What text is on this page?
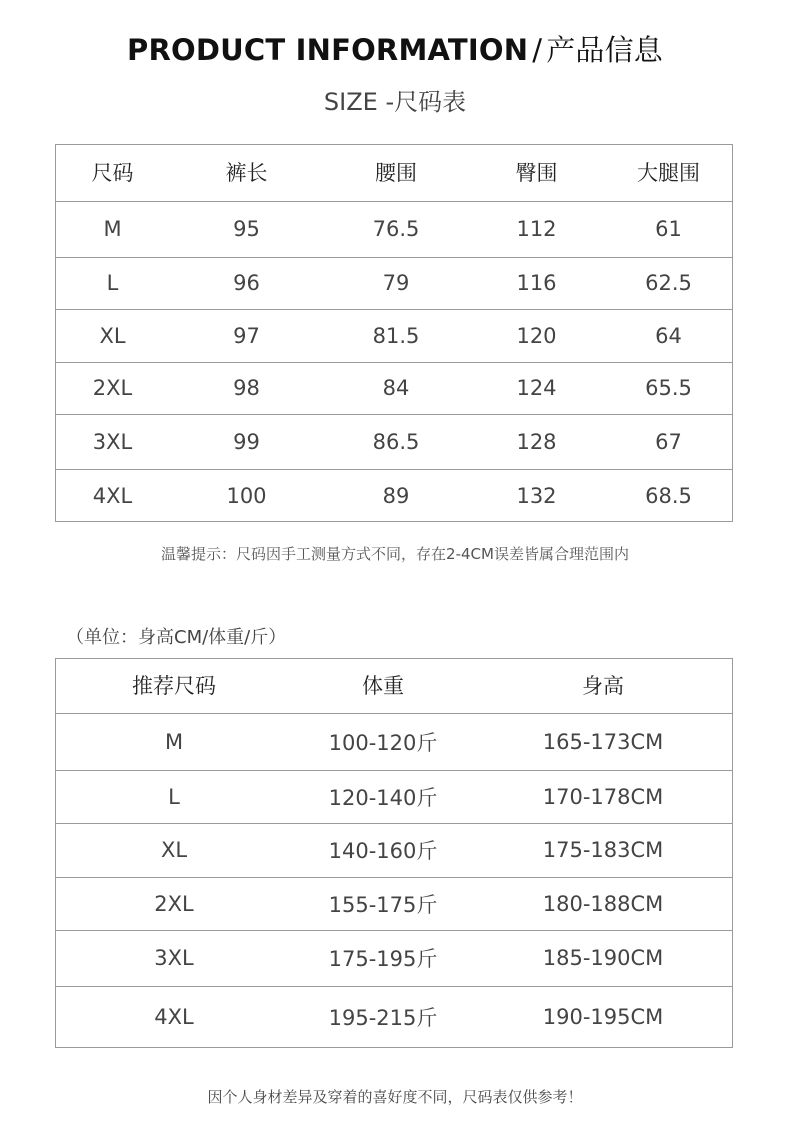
PRODUCT INFORMATION / 产品信息
SIZE -尺码表
尺码	裤长	腰围	臀围	大腿围
M	95	76.5	112	61
L	96	79	116	62.5
XL	97	81.5	120	64
2XL	98	84	124	65.5
3XL	99	86.5	128	67
4XL	100	89	132	68.5
温馨提示：尺码因手工测量方式不同，存在2-4CM误差皆属合理范围内
（单位：身高CM/体重/斤）
推荐尺码	体重	身高
M	100-120斤	165-173CM
L	120-140斤	170-178CM
XL	140-160斤	175-183CM
2XL	155-175斤	180-188CM
3XL	175-195斤	185-190CM
4XL	195-215斤	190-195CM
因个人身材差异及穿着的喜好度不同，尺码表仅供参考！
